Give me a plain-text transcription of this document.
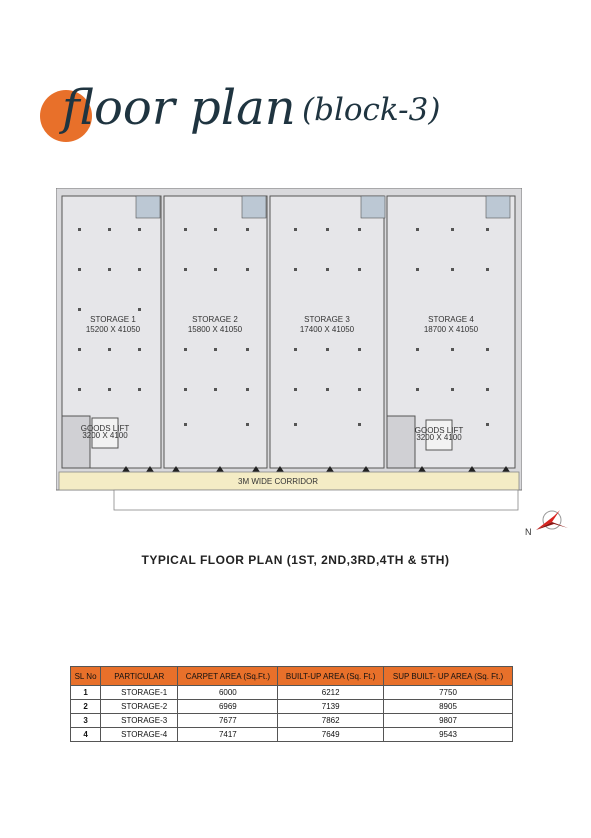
floor plan (block-3)
GOODS LIFT
3200 X 4100
GOODS LIFT
3200 X 4100
3M WIDE CORRIDOR
STORAGE 1
15200 X 41050
STORAGE 2
15800 X 41050
STORAGE 3
17400 X 41050
STORAGE 4
18700 X 41050
N
TYPICAL FLOOR PLAN (1ST, 2ND,3RD,4TH & 5TH)
SL No	PARTICULAR	CARPET AREA (Sq.Ft.)	BUILT-UP AREA (Sq. Ft.)	SUP BUILT- UP AREA (Sq. Ft.)
1	STORAGE-1	6000	6212	7750
2	STORAGE-2	6969	7139	8905
3	STORAGE-3	7677	7862	9807
4	STORAGE-4	7417	7649	9543
